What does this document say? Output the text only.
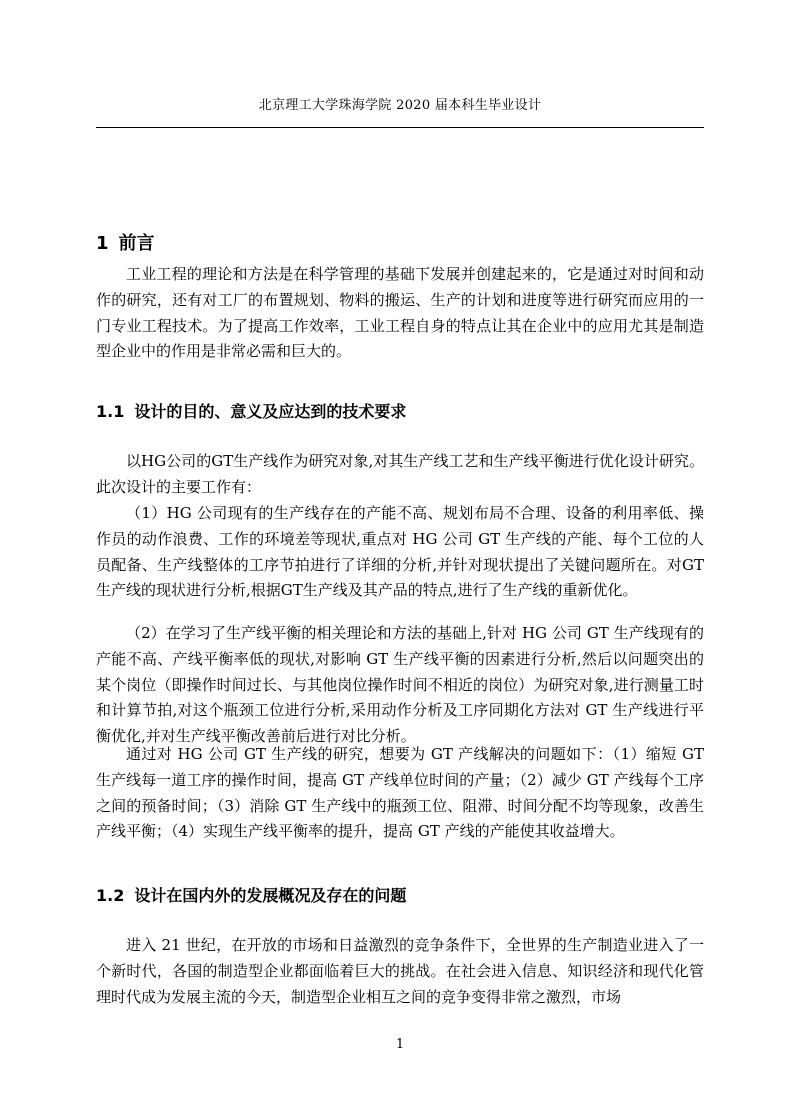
北京理工大学珠海学院 2020 届本科生毕业设计
1 前言

工业工程的理论和方法是在科学管理的基础下发展并创建起来的，它是通过对时间和动作的研究，还有对工厂的布置规划、物料的搬运、生产的计划和进度等进行研究而应用的一门专业工程技术。为了提高工作效率，工业工程自身的特点让其在企业中的应用尤其是制造型企业中的作用是非常必需和巨大的。

1.1 设计的目的、意义及应达到的技术要求

以HG公司的GT生产线作为研究对象,对其生产线工艺和生产线平衡进行优化设计研究。此次设计的主要工作有：

（1）HG 公司现有的生产线存在的产能不高、规划布局不合理、设备的利用率低、操作员的动作浪费、工作的环境差等现状,重点对 HG 公司 GT 生产线的产能、每个工位的人员配备、生产线整体的工序节拍进行了详细的分析,并针对现状提出了关键问题所在。对GT生产线的现状进行分析,根据GT生产线及其产品的特点,进行了生产线的重新优化。

（2）在学习了生产线平衡的相关理论和方法的基础上,针对 HG 公司 GT 生产线现有的产能不高、产线平衡率低的现状,对影响 GT 生产线平衡的因素进行分析,然后以问题突出的某个岗位（即操作时间过长、与其他岗位操作时间不相近的岗位）为研究对象,进行测量工时和计算节拍,对这个瓶颈工位进行分析,采用动作分析及工序同期化方法对 GT 生产线进行平衡优化,并对生产线平衡改善前后进行对比分析。

通过对 HG 公司 GT 生产线的研究，想要为 GT 产线解决的问题如下：（1）缩短 GT 生产线每一道工序的操作时间，提高 GT 产线单位时间的产量；（2）减少 GT 产线每个工序之间的预备时间；（3）消除 GT 生产线中的瓶颈工位、阻滞、时间分配不均等现象，改善生产线平衡；（4）实现生产线平衡率的提升，提高 GT 产线的产能使其收益增大。

1.2 设计在国内外的发展概况及存在的问题

进入 21 世纪，在开放的市场和日益激烈的竞争条件下，全世界的生产制造业进入了一个新时代，各国的制造型企业都面临着巨大的挑战。在社会进入信息、知识经济和现代化管理时代成为发展主流的今天，制造型企业相互之间的竞争变得非常之激烈，市场

1
